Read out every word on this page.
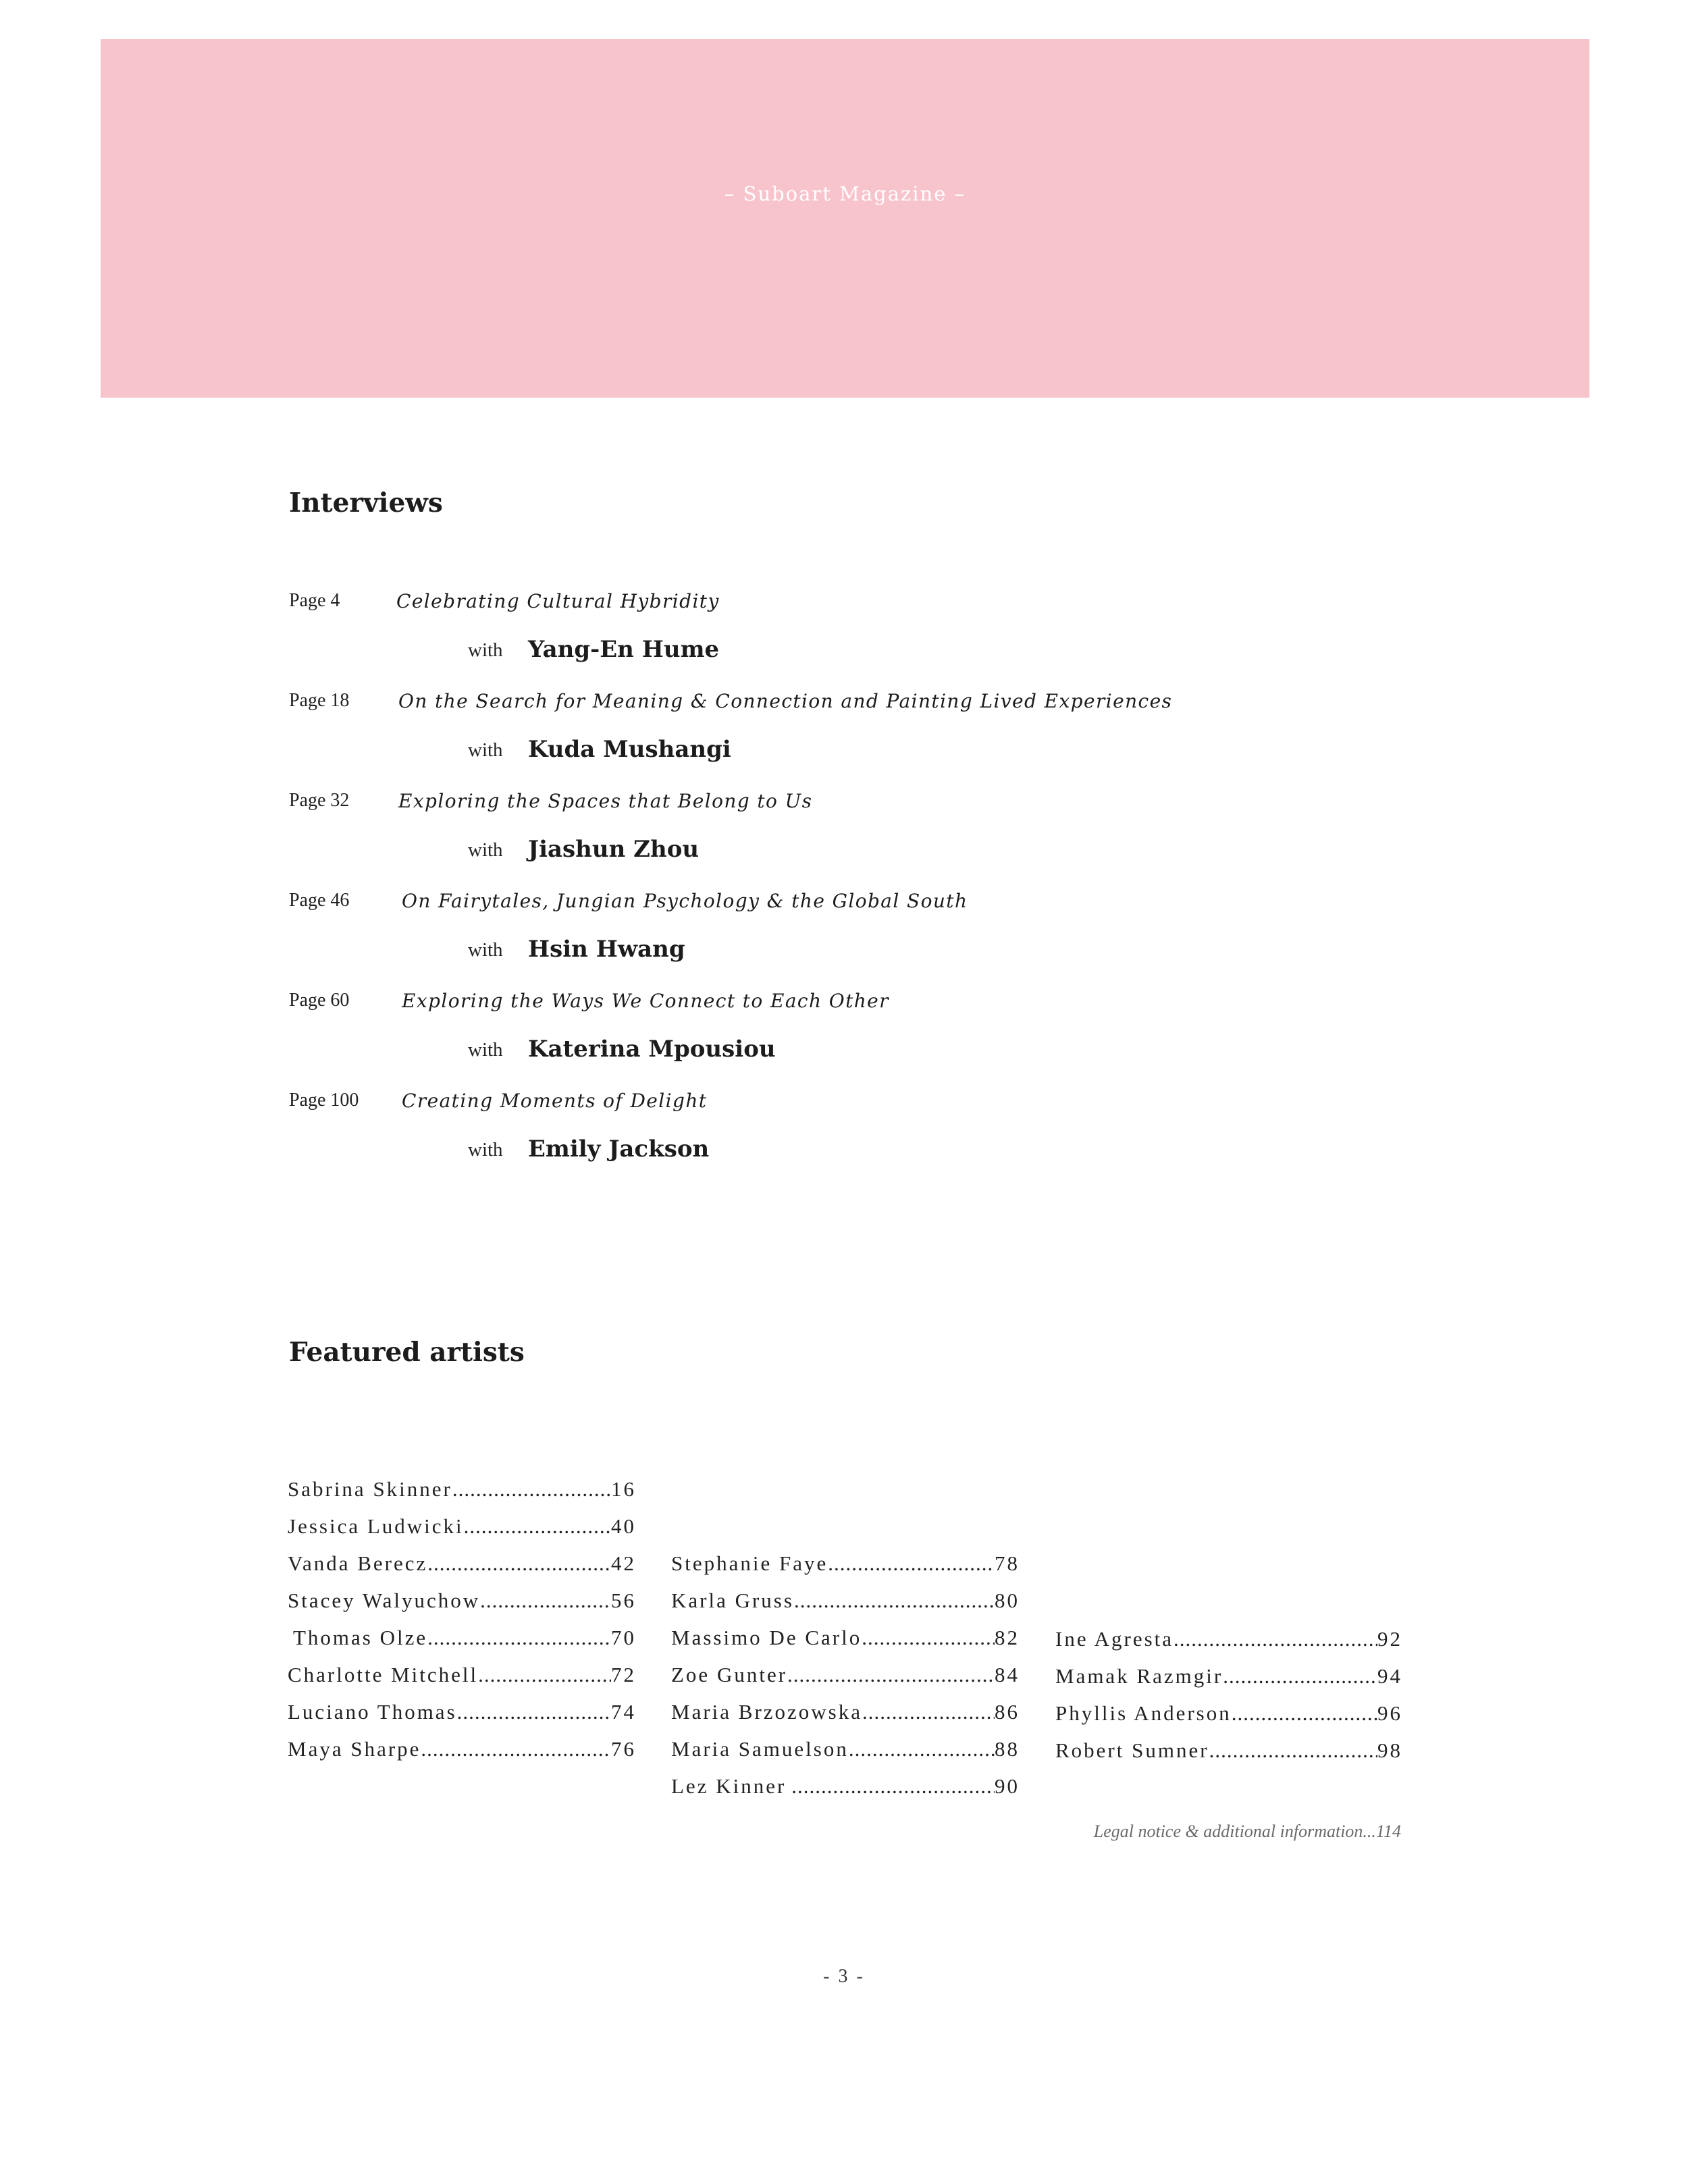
– Suboart Magazine –
Interviews
Page 4	Celebrating Cultural Hybridity
with Yang-En Hume
Page 18	On the Search for Meaning & Connection and Painting Lived Experiences
with Kuda Mushangi
Page 32	Exploring the Spaces that Belong to Us
with Jiashun Zhou
Page 46	On Fairytales, Jungian Psychology & the Global South
with Hsin Hwang
Page 60	Exploring the Ways We Connect to Each Other
with Katerina Mpousiou
Page 100 Creating Moments of Delight
with Emily Jackson
Featured artists
Sabrina Skinner .....	16
Jessica Ludwicki .....	40
Vanda Berecz .....	42
Stacey Walyuchow .....	56
Thomas Olze .....	70
Charlotte Mitchell .....	72
Luciano Thomas .....	74
Maya Sharpe .....	76
Stephanie Faye .....	78
Karla Gruss .....	80
Massimo De Carlo .....	82
Zoe Gunter .....	84
Maria Brzozowska .....	86
Maria Samuelson .....	88
Lez Kinner .....	90
Ine Agresta .....	92
Mamak Razmgir .....	94
Phyllis Anderson .....	96
Robert Sumner .....	98
Legal notice & additional information...114
- 3 -
